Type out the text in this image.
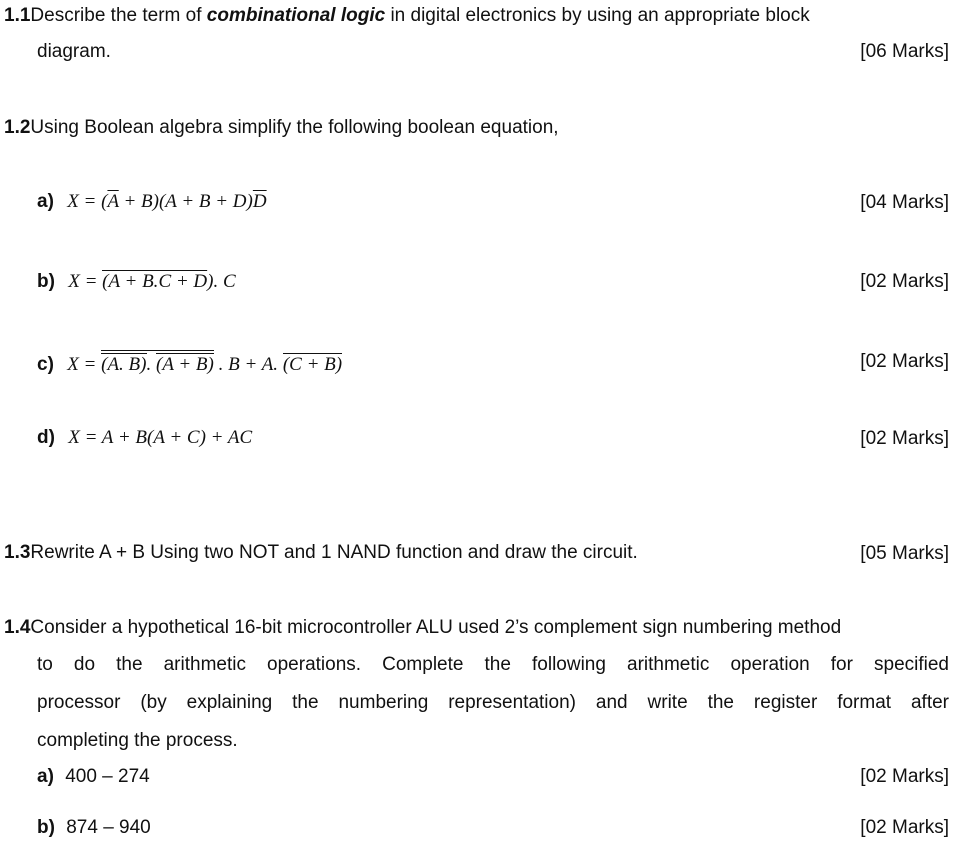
1.1Describe the term of combinational logic in digital electronics by using an appropriate block
diagram.	[06 Marks]
1.2Using Boolean algebra simplify the following boolean equation,
a) $X = (\overline{A} + B)(A + B + D)\overline{D}$	[04 Marks]
b) X = (A + B.C + D). C	[02 Marks]
c) X = (A. B). (A + B) . B + A. (C + B)	[02 Marks]
d) X = A + B(A + C) + AC	[02 Marks]
1.3Rewrite A + B Using two NOT and 1 NAND function and draw the circuit.	[05 Marks]
1.4Consider a hypothetical 16-bit microcontroller ALU used 2’s complement sign numbering method
to do the arithmetic operations. Complete the following arithmetic operation for specified
processor (by explaining the numbering representation) and write the register format after
completing the process.
a) 400 – 274	[02 Marks]
b) 874 – 940	[02 Marks]
